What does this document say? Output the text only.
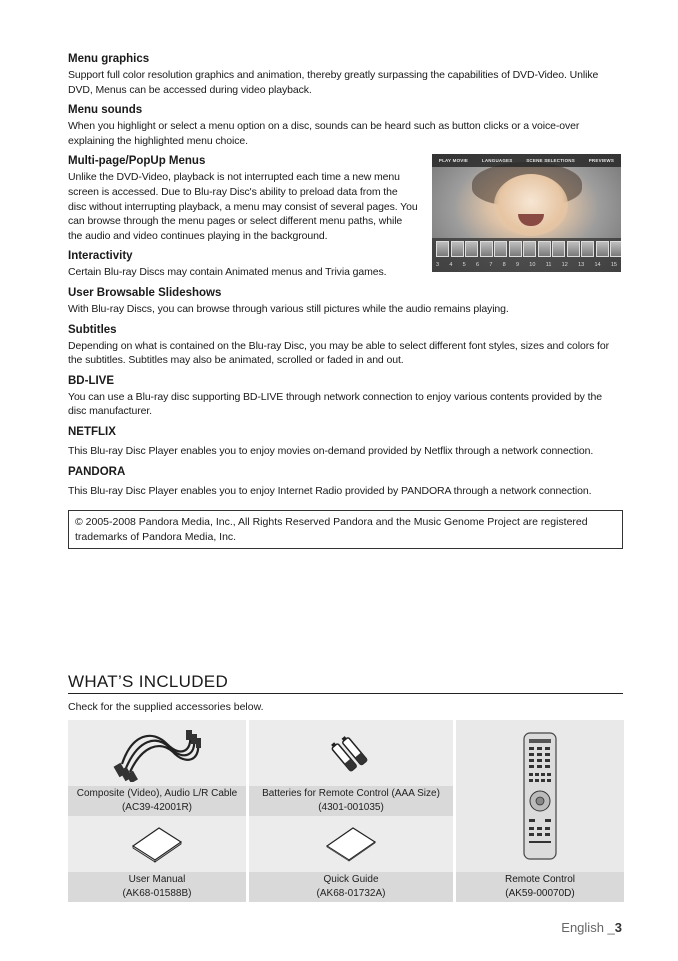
Menu graphics

Support full color resolution graphics and animation, thereby greatly surpassing the capabilities of DVD-Video. Unlike DVD, Menus can be accessed during video playback.

Menu sounds

When you highlight or select a menu option on a disc, sounds can be heard such as button clicks or a voice-over explaining the highlighted menu choice.

Multi-page/PopUp Menus

Unlike the DVD-Video, playback is not interrupted each time a new menu screen is accessed. Due to Blu-ray Disc's ability to preload data from the disc without interrupting playback, a menu may consist of several pages. You can browse through the menu pages or select different menu paths, while the audio and video continues playing in the background.

Interactivity

Certain Blu-ray Discs may contain Animated menus and Trivia games.

PLAY MOVIE	LANGUAGES	SCENE SELECTIONS	PREVIEWS
3 4 5 6 7 8 9 10 11 12 13 14 15

User Browsable Slideshows

With Blu-ray Discs, you can browse through various still pictures while the audio remains playing.

Subtitles

Depending on what is contained on the Blu-ray Disc, you may be able to select different font styles, sizes and colors for the subtitles. Subtitles may also be animated, scrolled or faded in and out.

BD-LIVE

You can use a Blu-ray disc supporting BD-LIVE through network connection to enjoy various contents provided by the disc manufacturer.

NETFLIX

This Blu-ray Disc Player enables you to enjoy movies on-demand provided by Netflix through a network connection.

PANDORA

This Blu-ray Disc Player enables you to enjoy Internet Radio provided by PANDORA through a network connection.

© 2005-2008 Pandora Media, Inc., All Rights Reserved Pandora and the Music Genome Project are registered trademarks of Pandora Media, Inc.
WHAT’S INCLUDED

Check for the supplied accessories below.

Composite (Video), Audio L/R Cable
(AC39-42001R)
Batteries for Remote Control (AAA Size)
(4301-001035)
Remote Control
(AK59-00070D)
User Manual
(AK68-01588B)
Quick Guide
(AK68-01732A)
English _3
